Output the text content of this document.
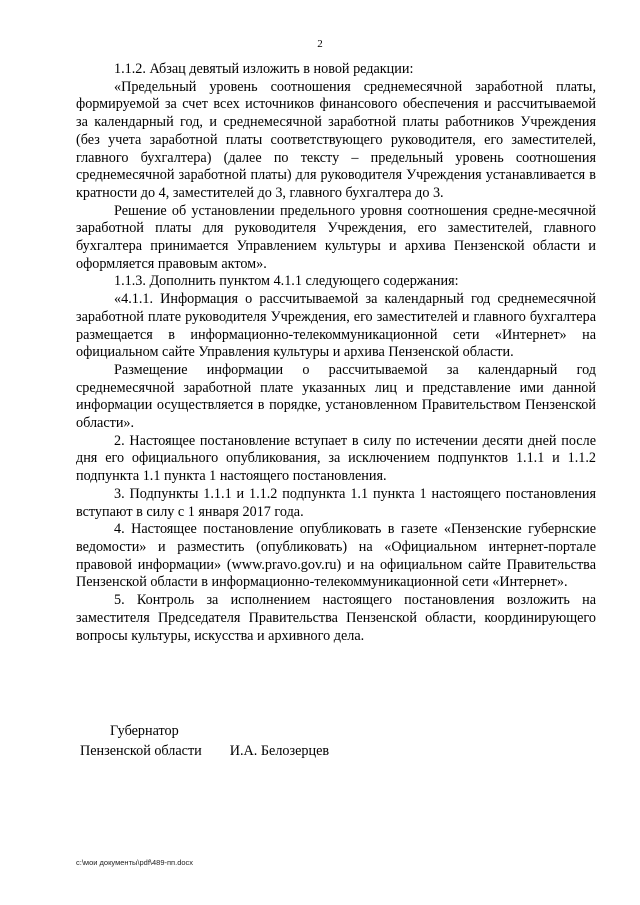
2

1.1.2. Абзац девятый изложить в новой редакции:

«Предельный уровень соотношения среднемесячной заработной платы, формируемой за счет всех источников финансового обеспечения и рассчитываемой за календарный год, и среднемесячной заработной платы работников Учреждения (без учета заработной платы соответствующего руководителя, его заместителей, главного бухгалтера) (далее по тексту – предельный уровень соотношения среднемесячной заработной платы) для руководителя Учреждения устанавливается в кратности до 4, заместителей до 3, главного бухгалтера до 3.

Решение об установлении предельного уровня соотношения средне-месячной заработной платы для руководителя Учреждения, его заместителей, главного бухгалтера принимается Управлением культуры и архива Пензенской области и оформляется правовым актом».

1.1.3. Дополнить пунктом 4.1.1 следующего содержания:

«4.1.1. Информация о рассчитываемой за календарный год среднемесячной заработной плате руководителя Учреждения, его заместителей и главного бухгалтера размещается в информационно-телекоммуникационной сети «Интернет» на официальном сайте Управления культуры и архива Пензенской области.

Размещение информации о рассчитываемой за календарный год среднемесячной заработной плате указанных лиц и представление ими данной информации осуществляется в порядке, установленном Правительством Пензенской области».

2. Настоящее постановление вступает в силу по истечении десяти дней после дня его официального опубликования, за исключением подпунктов 1.1.1 и 1.1.2 подпункта 1.1 пункта 1 настоящего постановления.

3. Подпункты 1.1.1 и 1.1.2 подпункта 1.1 пункта 1 настоящего постановления вступают в силу с 1 января 2017 года.

4. Настоящее постановление опубликовать в газете «Пензенские губернские ведомости» и разместить (опубликовать) на «Официальном интернет-портале правовой информации» (www.pravo.gov.ru) и на официальном сайте Правительства Пензенской области в информационно-телекоммуникационной сети «Интернет».

5. Контроль за исполнением настоящего постановления возложить на заместителя Председателя Правительства Пензенской области, координирующего вопросы культуры, искусства и архивного дела.

Губернатор
Пензенской области И.А. Белозерцев
c:\мои документы\pdf\489-пп.docx
